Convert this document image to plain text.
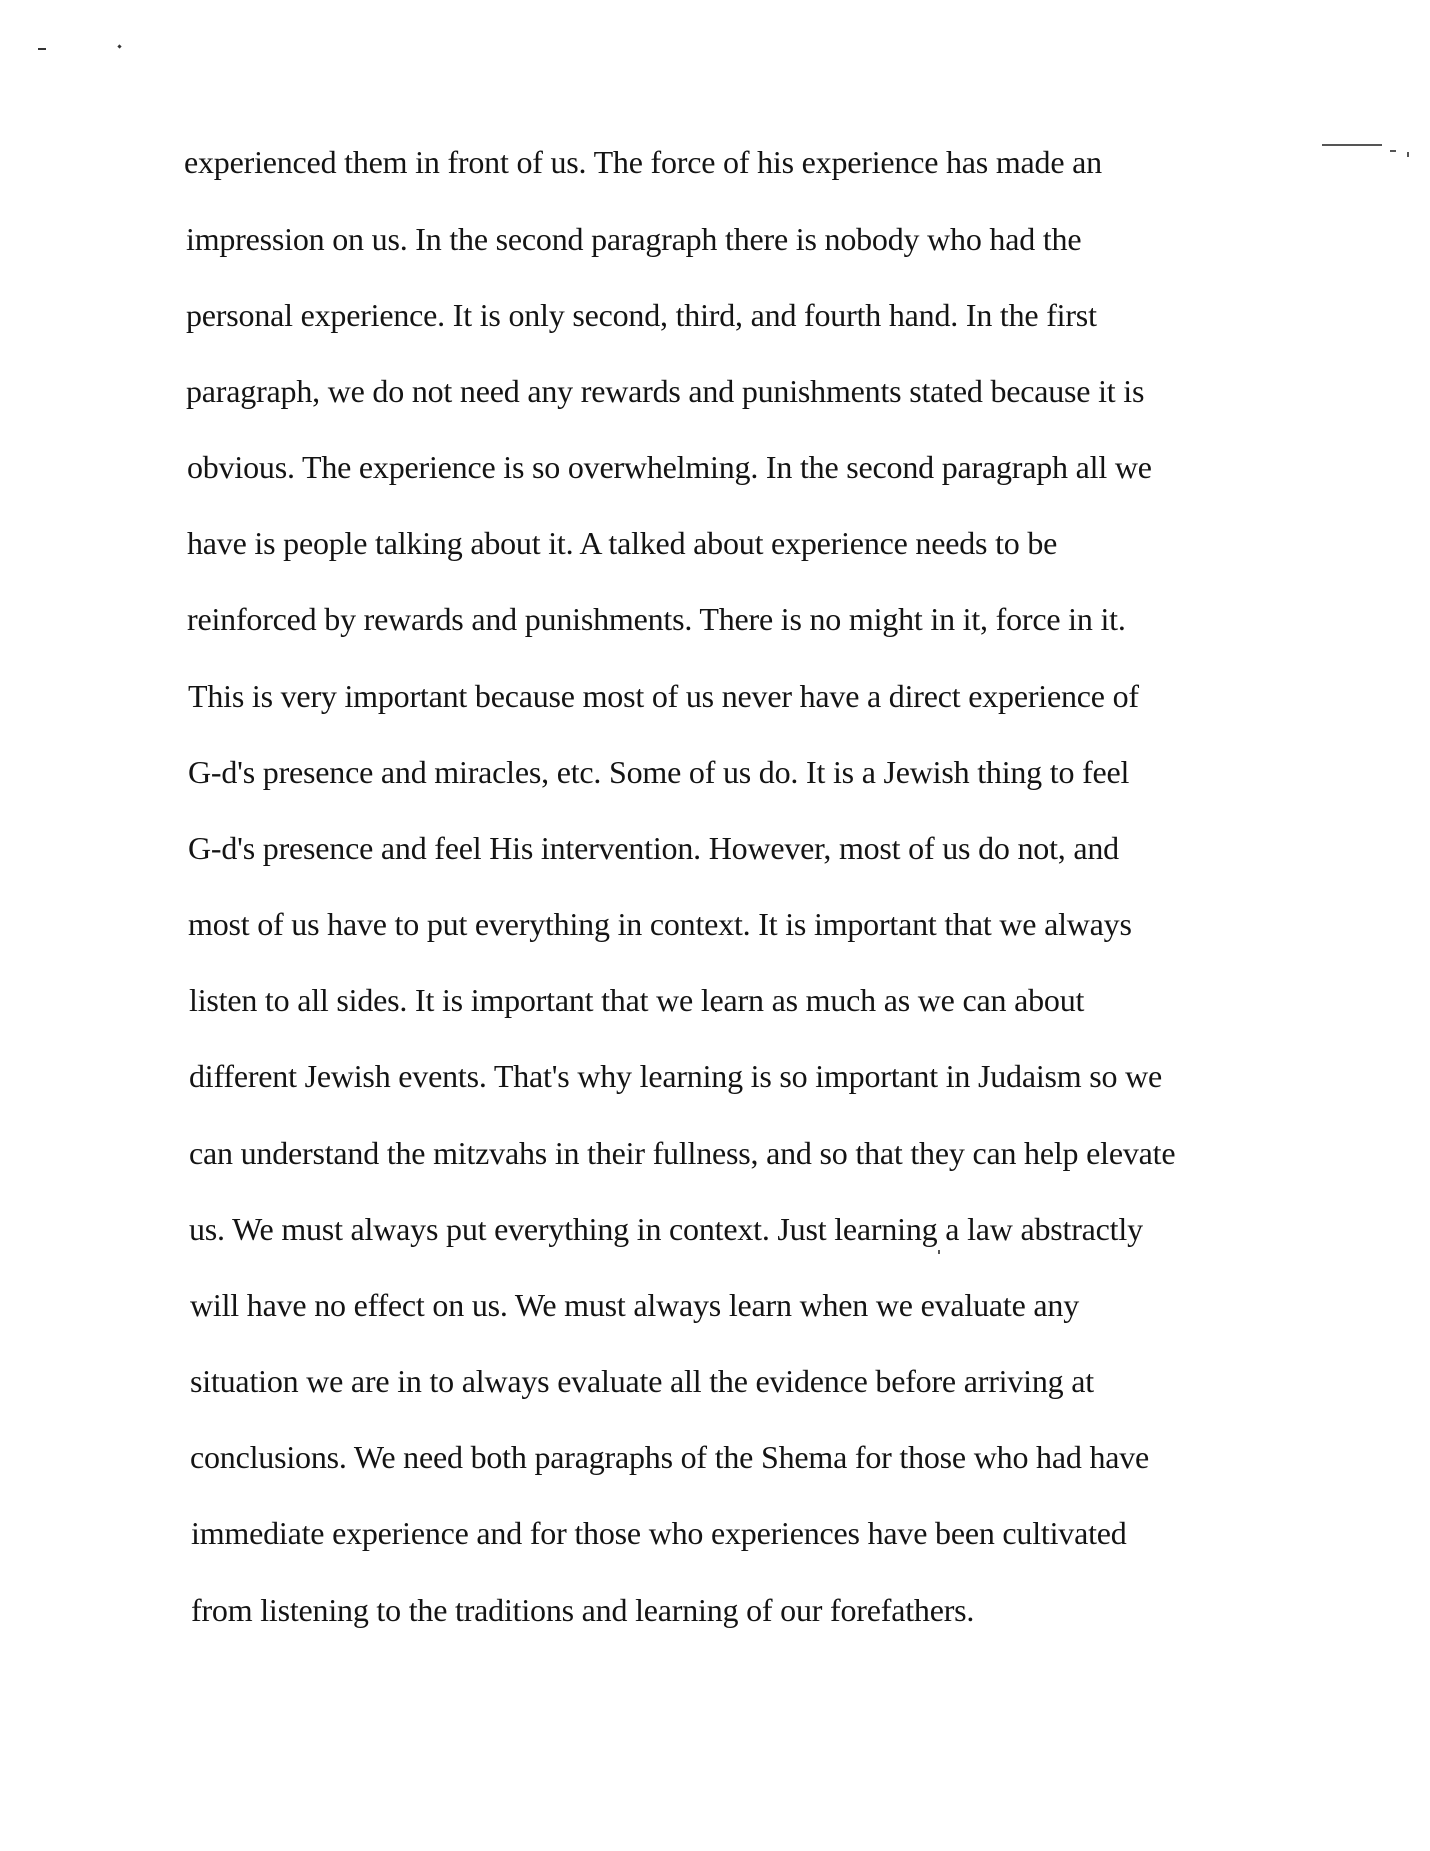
experienced them in front of us. The force of his experience has made an
impression on us. In the second paragraph there is nobody who had the
personal experience. It is only second, third, and fourth hand. In the first
paragraph, we do not need any rewards and punishments stated because it is
obvious. The experience is so overwhelming. In the second paragraph all we
have is people talking about it. A talked about experience needs to be
reinforced by rewards and punishments. There is no might in it, force in it.
This is very important because most of us never have a direct experience of
G-d's presence and miracles, etc. Some of us do. It is a Jewish thing to feel
G-d's presence and feel His intervention. However, most of us do not, and
most of us have to put everything in context. It is important that we always
listen to all sides. It is important that we learn as much as we can about
different Jewish events. That's why learning is so important in Judaism so we
can understand the mitzvahs in their fullness, and so that they can help elevate
us. We must always put everything in context. Just learning a law abstractly
will have no effect on us. We must always learn when we evaluate any
situation we are in to always evaluate all the evidence before arriving at
conclusions. We need both paragraphs of the Shema for those who had have
immediate experience and for those who experiences have been cultivated
from listening to the traditions and learning of our forefathers.
